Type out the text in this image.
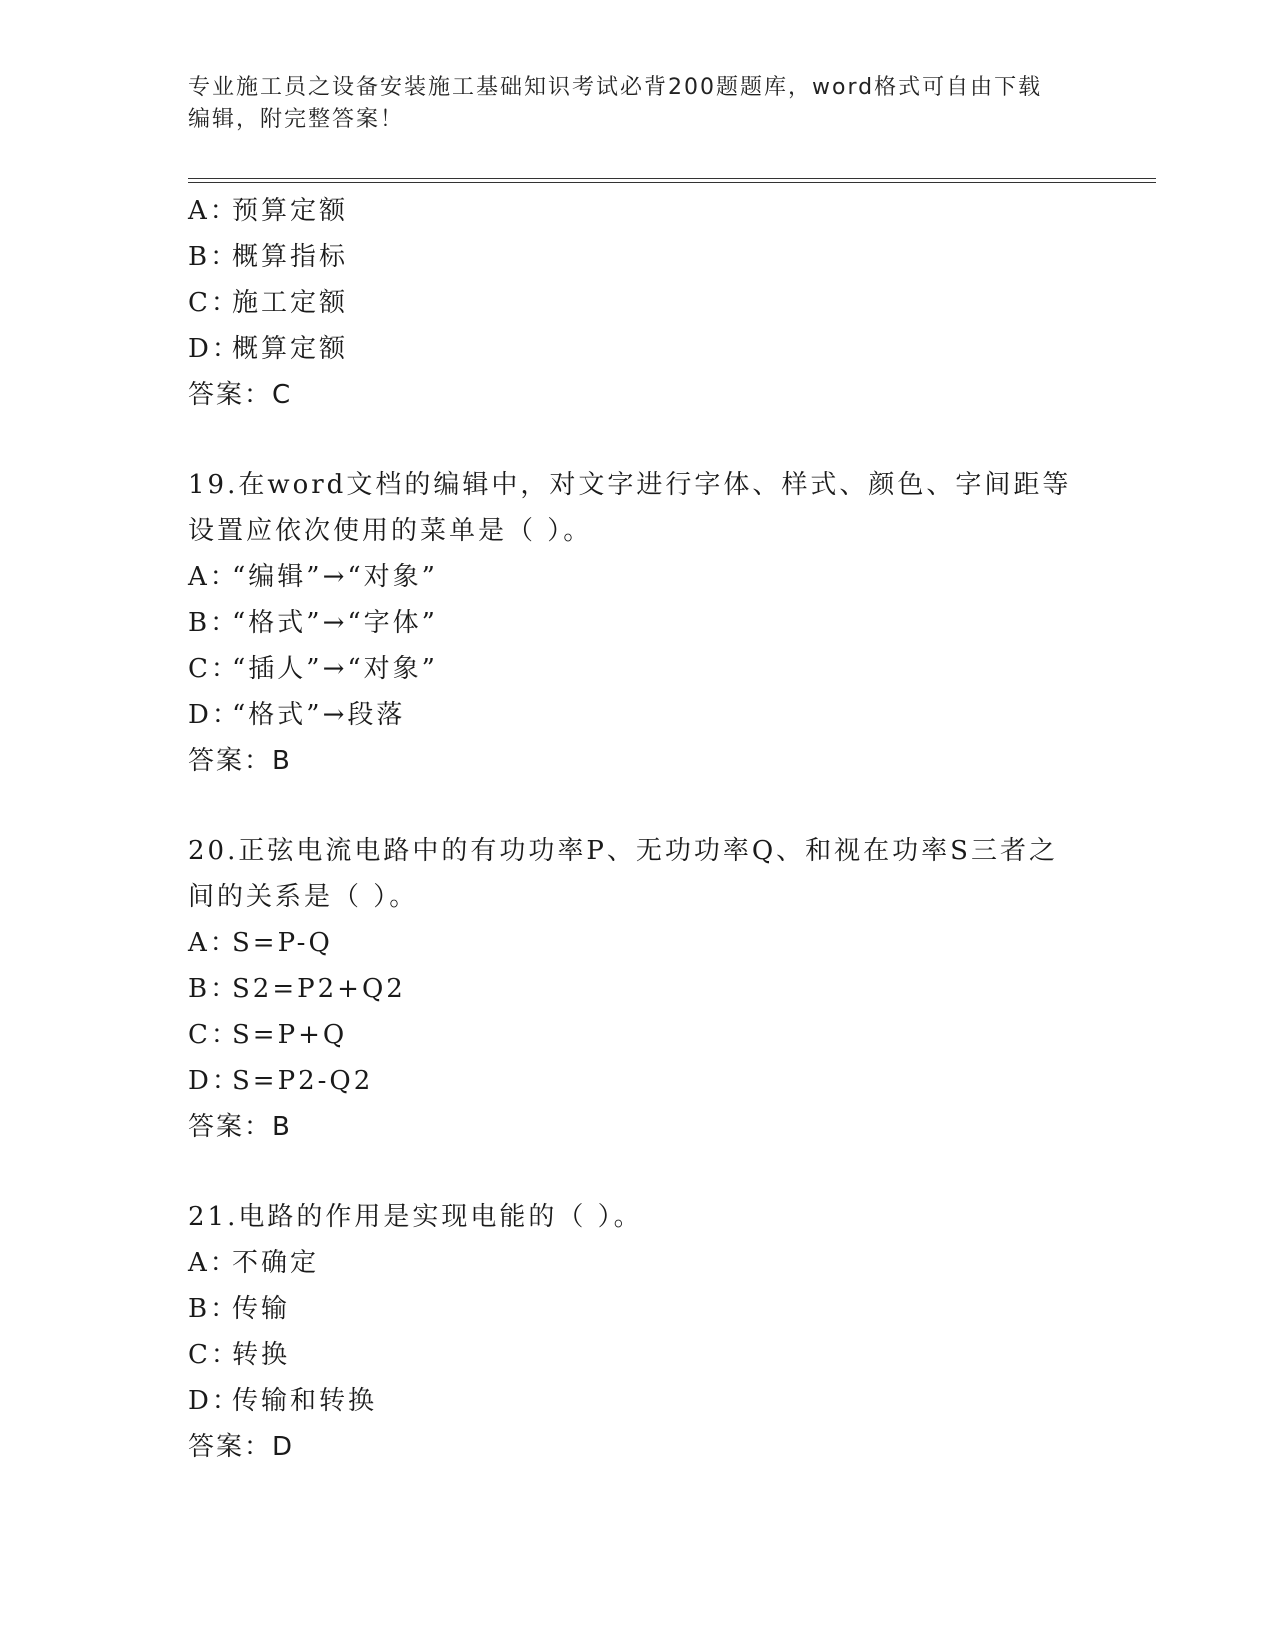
专业施工员之设备安装施工基础知识考试必背200题题库，word格式可自由下载
编辑，附完整答案！
A：预算定额
B：概算指标
C：施工定额
D：概算定额
答案：C
19.在word文档的编辑中，对文字进行字体、样式、颜色、字间距等
设置应依次使用的菜单是（ ）。
A：“编辑”→“对象”
B：“格式”→“字体”
C：“插人”→“对象”
D：“格式”→段落
答案：B
20.正弦电流电路中的有功功率P、无功功率Q、和视在功率S三者之
间的关系是（ ）。
A：S=P-Q
B：S2=P2+Q2
C：S=P+Q
D：S=P2-Q2
答案：B
21.电路的作用是实现电能的（ ）。
A：不确定
B：传输
C：转换
D：传输和转换
答案：D
